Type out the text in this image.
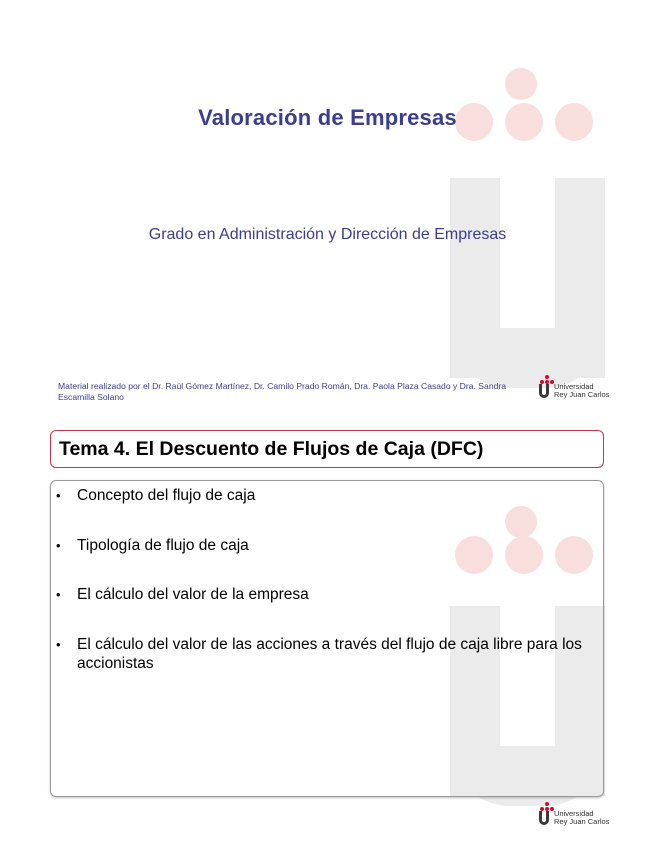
Valoración de Empresas
Grado en Administración y Dirección de Empresas
Material realizado por el Dr. Raúl Gómez Martínez, Dr. Camilo Prado Román, Dra. Paola Plaza Casado y Dra. Sandra Escamilla Solano
Universidad
Rey Juan Carlos
Tema 4. El Descuento de Flujos de Caja (DFC)
• Concepto del flujo de caja
• Tipología de flujo de caja
• El cálculo del valor de la empresa
• El cálculo del valor de las acciones a través del flujo de caja libre para los accionistas
Universidad
Rey Juan Carlos
